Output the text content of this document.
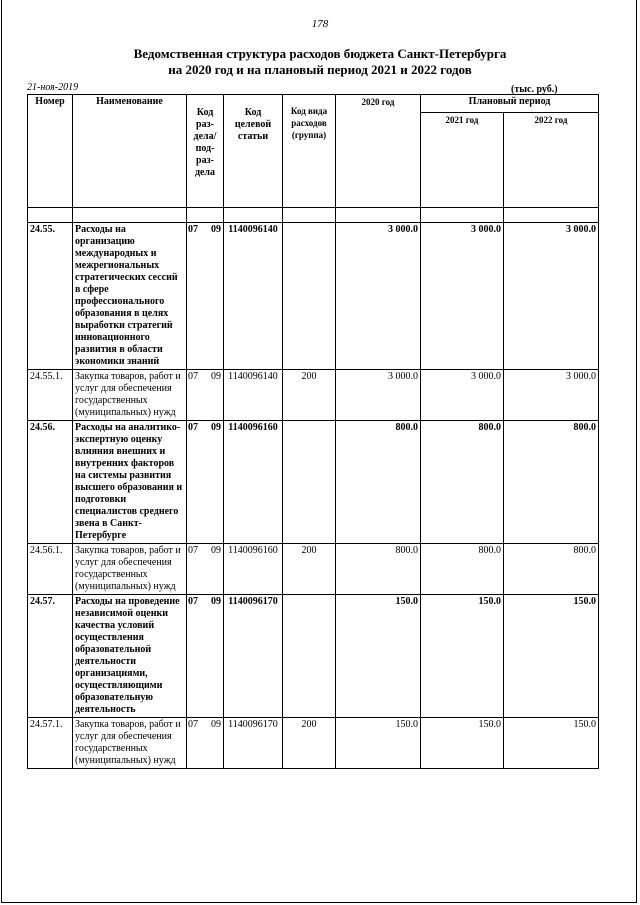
178
Ведомственная структура расходов бюджета Санкт-Петербурга
на 2020 год и на плановый период 2021 и 2022 годов
21-ноя-2019	(тыс. руб.)
Номер	Наименование	Код раз-дела/ под-раз-дела	Код целевой статьи	Код вида расходов (группа)	2020 год	Плановый период	
						2021 год	2022 год

24.55.	Расходы на организацию международных и межрегиональных стратегических сессий в сфере профессионального образования в целях выработки стратегий инновационного развития в области экономики знаний	07 09	1140096140		3 000.0	3 000.0	3 000.0
24.55.1.	Закупка товаров, работ и услуг для обеспечения государственных (муниципальных) нужд	07 09	1140096140	200	3 000.0	3 000.0	3 000.0
24.56.	Расходы на аналитико-экспертную оценку влияния внешних и внутренних факторов на системы развития высшего образования и подготовки специалистов среднего звена в Санкт-Петербурге	07 09	1140096160		800.0	800.0	800.0
24.56.1.	Закупка товаров, работ и услуг для обеспечения государственных (муниципальных) нужд	07 09	1140096160	200	800.0	800.0	800.0
24.57.	Расходы на проведение независимой оценки качества условий осуществления образовательной деятельности организациями, осуществляющими образовательную деятельность	07 09	1140096170		150.0	150.0	150.0
24.57.1.	Закупка товаров, работ и услуг для обеспечения государственных (муниципальных) нужд	07 09	1140096170	200	150.0	150.0	150.0
